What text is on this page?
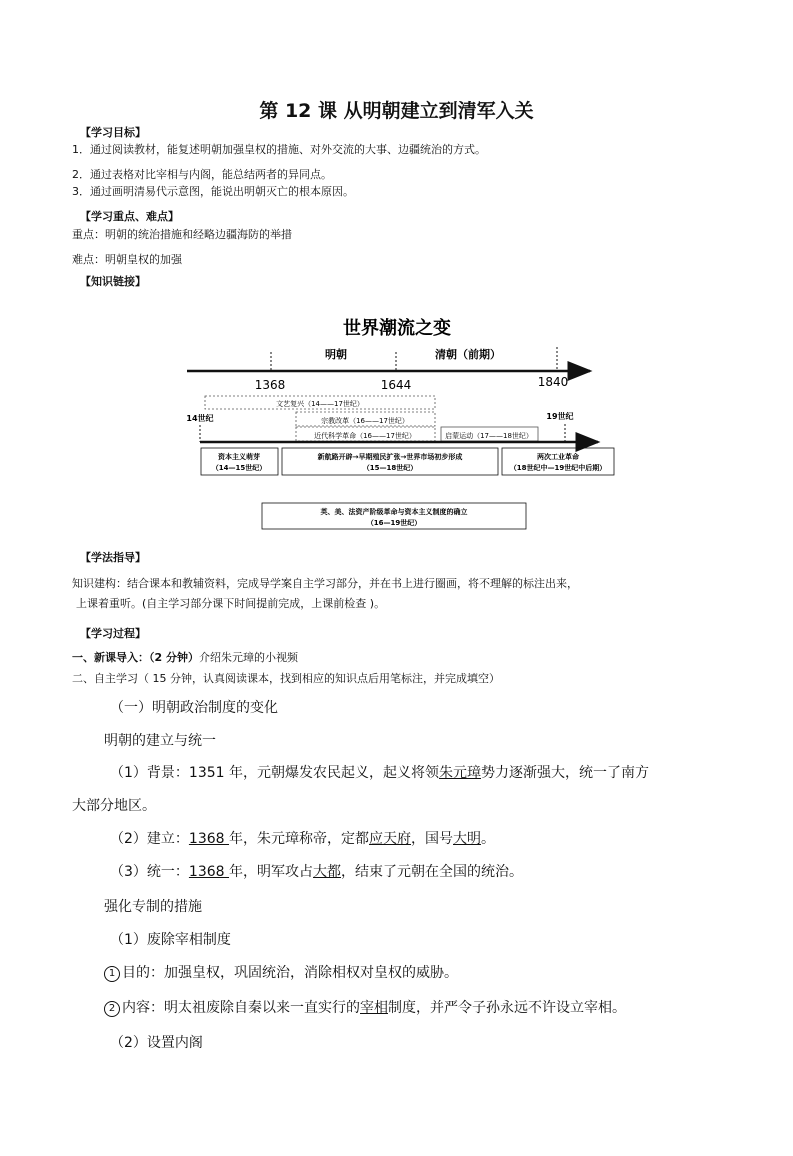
第 12 课 从明朝建立到清军入关
【学习目标】
1．通过阅读教材，能复述明朝加强皇权的措施、对外交流的大事、边疆统治的方式。
2．通过表格对比宰相与内阁，能总结两者的异同点。
3．通过画明清易代示意图，能说出明朝灭亡的根本原因。
【学习重点、难点】
重点：明朝的统治措施和经略边疆海防的举措
难点：明朝皇权的加强
【知识链接】
世界潮流之变
明朝	清朝（前期）
1368	1644	1840
文艺复兴（14——17世纪）
宗教改革（16——17世纪）
近代科学革命（16——17世纪）	启蒙运动（17——18世纪）
14世纪	19世纪
资本主义萌芽
（14—15世纪）
新航路开辟→早期殖民扩张→世界市场初步形成
（15—18世纪）
两次工业革命
（18世纪中—19世纪中后期）
英、美、法资产阶级革命与资本主义制度的确立
（16—19世纪）
【学法指导】
知识建构：结合课本和教辅资料，完成导学案自主学习部分，并在书上进行圈画，将不理解的标注出来，
上课着重听。(自主学习部分课下时间提前完成，上课前检查 )。
【学习过程】
一、新课导入：（2 分钟）介绍朱元璋的小视频
二、自主学习（ 15 分钟，认真阅读课本，找到相应的知识点后用笔标注，并完成填空）
（一）明朝政治制度的变化
明朝的建立与统一
（1）背景：1351 年，元朝爆发农民起义，起义将领朱元璋势力逐渐强大，统一了南方
大部分地区。
（2）建立：1368 年，朱元璋称帝，定都应天府，国号大明。
（3）统一：1368 年，明军攻占大都，结束了元朝在全国的统治。
强化专制的措施
（1）废除宰相制度
1 目的：加强皇权，巩固统治，消除相权对皇权的威胁。
2 内容：明太祖废除自秦以来一直实行的宰相制度，并严令子孙永远不许设立宰相。
（2）设置内阁
